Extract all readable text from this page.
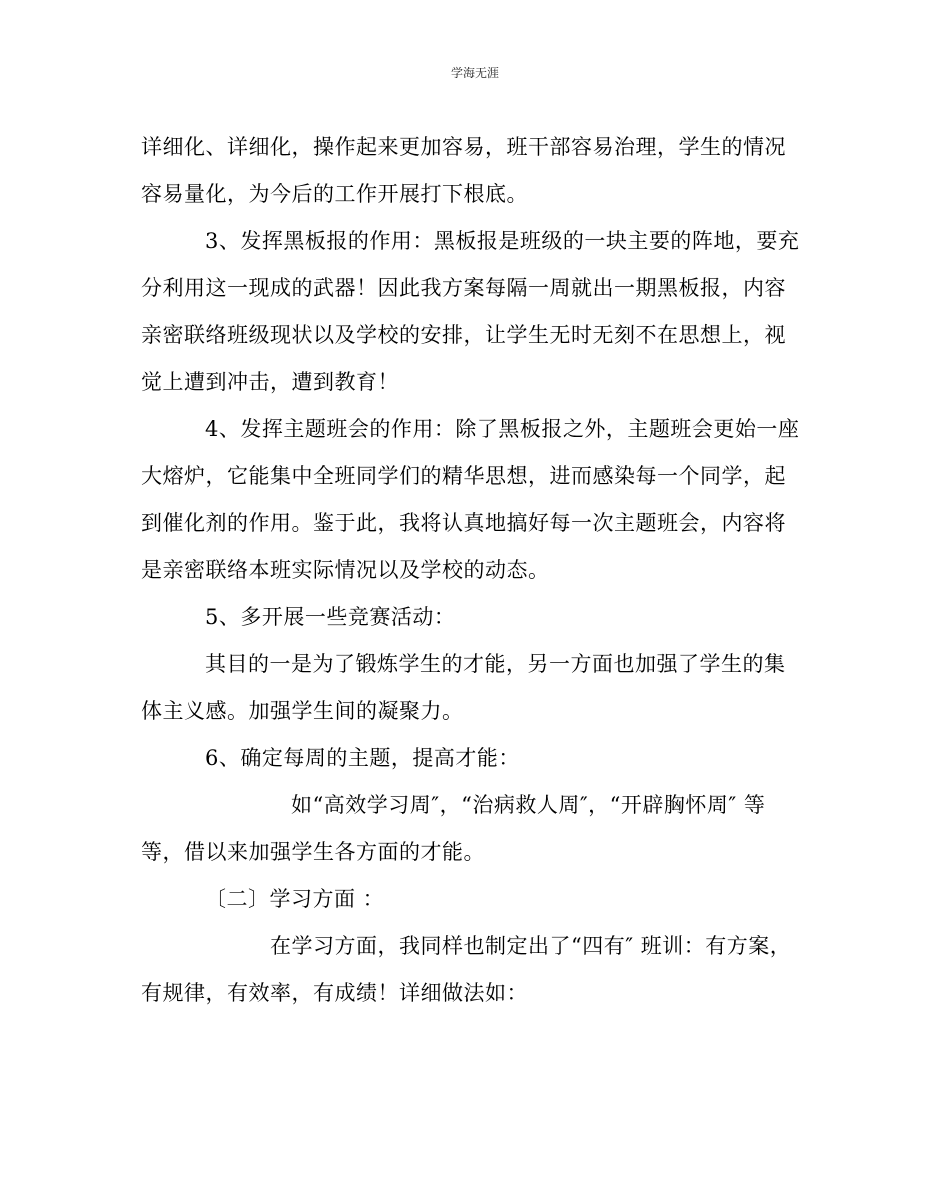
学海无涯

详细化、详细化，操作起来更加容易，班干部容易治理，学生的情况

容易量化，为今后的工作开展打下根底。

3、发挥黑板报的作用：黑板报是班级的一块主要的阵地，要充

分利用这一现成的武器！因此我方案每隔一周就出一期黑板报，内容

亲密联络班级现状以及学校的安排，让学生无时无刻不在思想上，视

觉上遭到冲击，遭到教育！

4、发挥主题班会的作用：除了黑板报之外，主题班会更始一座

大熔炉，它能集中全班同学们的精华思想，进而感染每一个同学，起

到催化剂的作用。鉴于此，我将认真地搞好每一次主题班会，内容将

是亲密联络本班实际情况以及学校的动态。

5、多开展一些竞赛活动：

其目的一是为了锻炼学生的才能，另一方面也加强了学生的集

体主义感。加强学生间的凝聚力。

6、确定每周的主题，提高才能：

如“高效学习周″，“治病救人周″，“开辟胸怀周″ 等

等，借以来加强学生各方面的才能。

〔二〕学习方面 ：

在学习方面，我同样也制定出了“四有″ 班训：有方案，

有规律，有效率，有成绩！详细做法如：
